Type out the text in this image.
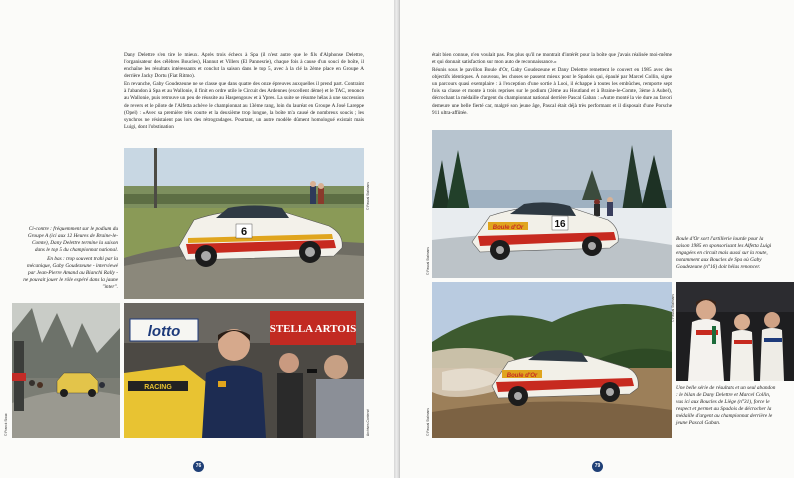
Dany Delettre s'en tire le mieux. Après trois échecs à Spa (il n'est autre que le fils d'Alphonse Delettre, l'organisateur des célèbres Boucles), Hannut et Villers (El Pannesrie), chaque fois à cause d'un souci de boîte, il enchaîne les résultats intéressants et conclut la saison dans le top 5, avec à la clé la 2ème place en Groupe A derrière Jacky Dortu (Fiat Ritmo).

En revanche, Gaby Goudezeune ne se classe que dans quatre des onze épreuves auxquelles il prend part. Contraint à l'abandon à Spa et au Wallonie, il finit en ordre utile le Circuit des Ardennes (excellent 4ème) et le TAC, renonce au Wallonie, puis retrouve un peu de réussite au Haspengouw et à Ypres. La suite se résume hélas à une succession de revers et le pilote de l'Alfetta achève le championnat au 13ème rang, loin du lauréat en Groupe A José Lareppe (Opel) : «Avec sa première très courte et la deuxième trop longue, la boîte m'a causé de nombreux soucis ; les synchros ne résistaient pas lors des rétrogradages. Pourtant, un autre modèle dûment homologué existait mais Luigi, dont l'obstination

6

Ci-contre : fréquemment sur le podium du Groupe A (ici aux 12 Heures de Braine-le-Comte), Dany Delettre termine la saison dans le top 5 du championnat national.

En bas : trop souvent trahi par la mécanique, Gaby Goudezeune - interviewé par Jean-Pierre Amand au Bianchi Rally - ne pouvait jouer le rôle espéré dans la jaune "inter".

lotto	STELLA ARTOIS
RACING
© Pascal Stalmans
© Franck Sioux	Archives Contersé
76

était bien connue, n'en voulait pas. Pas plus qu'il ne montrait d'intérêt pour la boîte que j'avais réalisée moi-même et qui donnait satisfaction sur mon auto de reconnaissance.»

Réunis sous le pavillon Boule d'Or, Gaby Goudezeune et Dany Delettre remettent le couvert en 1985 avec des objectifs identiques. À nouveau, les choses se passent mieux pour le Spadois qui, épaulé par Marcel Collin, signe un parcours quasi exemplaire : à l'exception d'une sortie à Looi, il échappe à toutes les embûches, remporte sept fois sa classe et monte à trois reprises sur le podium (2ème au Houtland et à Braine-le-Comte, 3ème à Aubel), décrochant la médaille d'argent du championnat national derrière Pascal Gaban : «Autre monté la vie dure au favori demeure une belle fierté car, malgré son jeune âge, Pascal était déjà très performant et il disposait d'une Porsche 911 ultra-affûtée.

Boule d'Or	16

Boule d'Or sort l'artillerie lourde pour la saison 1985 en sponsorisant les Alfetta Luigi engagées en circuit mais aussi sur la route, notamment aux Boucles de Spa où Gaby Goudezeune (n°16) doit hélas renoncer.

Boule d'Or

Une belle série de résultats et un seul abandon : le bilan de Dany Delettre et Marcel Collin, vus ici aux Boucles de Liège (n°31), force le respect et permet au Spadois de décrocher la médaille d'argent au championnat derrière le jeune Pascal Gaban.

© Pascal Stalmans
© Pascal Stalmans
© Pascal Stalmans
79
